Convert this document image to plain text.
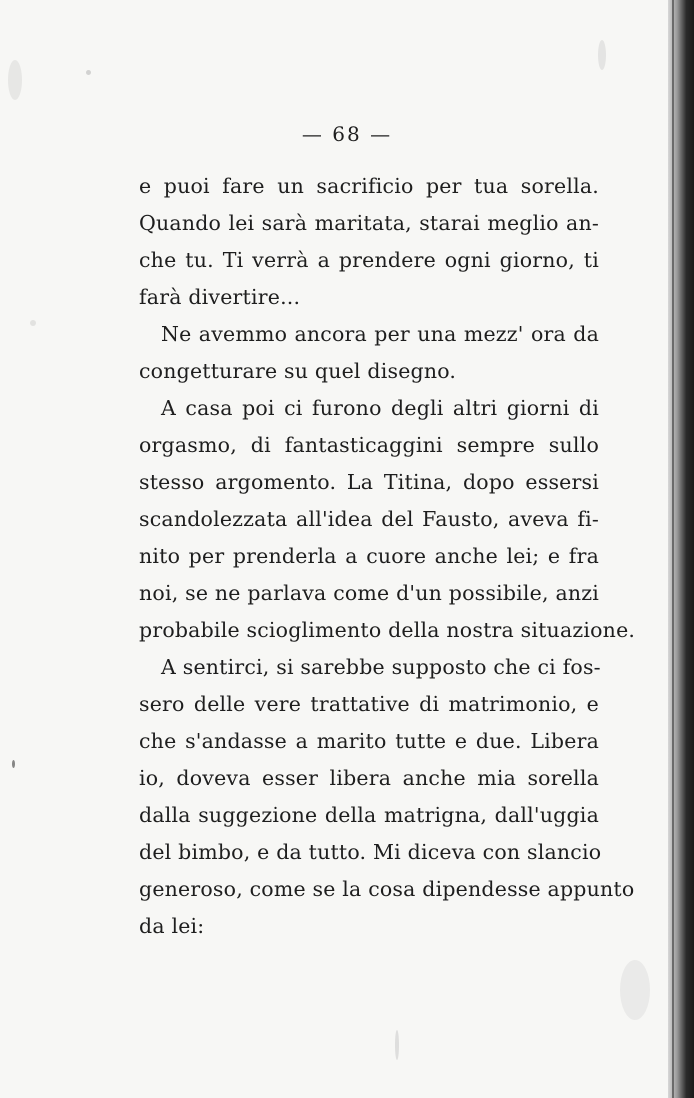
— 68 —
e puoi fare un sacrificio per tua sorella.
Quando lei sarà maritata, starai meglio an-
che tu. Ti verrà a prendere ogni giorno, ti
farà divertire...
Ne avemmo ancora per una mezz' ora da
congetturare su quel disegno.
A casa poi ci furono degli altri giorni di
orgasmo, di fantasticaggini sempre sullo
stesso argomento. La Titina, dopo essersi
scandolezzata all'idea del Fausto, aveva fi-
nito per prenderla a cuore anche lei; e fra
noi, se ne parlava come d'un possibile, anzi
probabile scioglimento della nostra situazione.
A sentirci, si sarebbe supposto che ci fos-
sero delle vere trattative di matrimonio, e
che s'andasse a marito tutte e due. Libera
io, doveva esser libera anche mia sorella
dalla suggezione della matrigna, dall'uggia
del bimbo, e da tutto. Mi diceva con slancio
generoso, come se la cosa dipendesse appunto
da lei:
